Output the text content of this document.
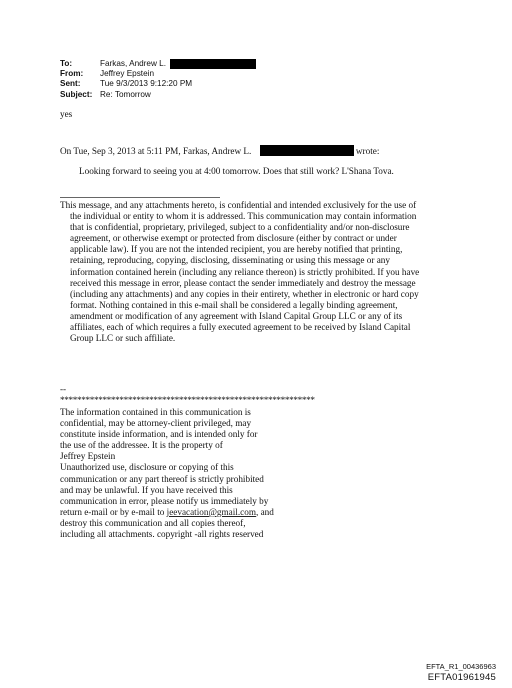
To:	Farkas, Andrew L.
From:	Jeffrey Epstein
Sent:	Tue 9/3/2013 9:12:20 PM
Subject: Re: Tomorrow
yes
On Tue, Sep 3, 2013 at 5:11 PM, Farkas, Andrew L.	wrote:
Looking forward to seeing you at 4:00 tomorrow. Does that still work? L'Shana Tova.
This message, and any attachments hereto, is confidential and intended exclusively for the use of
the individual or entity to whom it is addressed. This communication may contain information
that is confidential, proprietary, privileged, subject to a confidentiality and/or non-disclosure
agreement, or otherwise exempt or protected from disclosure (either by contract or under
applicable law). If you are not the intended recipient, you are hereby notified that printing,
retaining, reproducing, copying, disclosing, disseminating or using this message or any
information contained herein (including any reliance thereon) is strictly prohibited. If you have
received this message in error, please contact the sender immediately and destroy the message
(including any attachments) and any copies in their entirety, whether in electronic or hard copy
format. Nothing contained in this e-mail shall be considered a legally binding agreement,
amendment or modification of any agreement with Island Capital Group LLC or any of its
affiliates, each of which requires a fully executed agreement to be received by Island Capital
Group LLC or such affiliate.
--
************************************************************
The information contained in this communication is
confidential, may be attorney-client privileged, may
constitute inside information, and is intended only for
the use of the addressee. It is the property of
Jeffrey Epstein
Unauthorized use, disclosure or copying of this
communication or any part thereof is strictly prohibited
and may be unlawful. If you have received this
communication in error, please notify us immediately by
return e-mail or by e-mail to jeevacation@gmail.com, and
destroy this communication and all copies thereof,
including all attachments. copyright -all rights reserved
EFTA_R1_00436963
EFTA01961945
